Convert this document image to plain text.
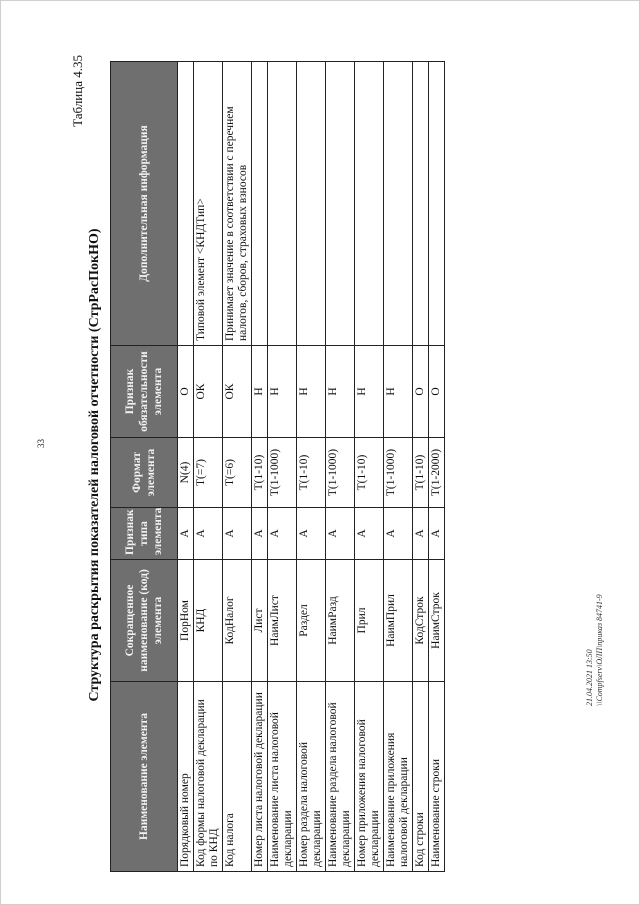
33
21.04.2021 13:50 \\Compfserv\ОЛП\приказ 84741-9
Таблица 4.35
Структура раскрытия показателей налоговой отчетности (СтрРасПокНО)
Наименование элемента	Сокращенное наименование (код) элемента	Признак типа элемента	Формат элемента	Признак обязательности элемента	Дополнительная информация
Порядковый номер	ПорНом	А	N(4)	О	
Код формы налоговой декларации по КНД	КНД	А	T(=7)	ОК	Типовой элемент <КНДТип>
Код налога	КодНалог	А	T(=6)	ОК	Принимает значение в соответствии с перечнем налогов, сборов, страховых взносов
Номер листа налоговой декларации	Лист	А	T(1-10)	Н	
Наименование листа налоговой декларации	НаимЛист	А	T(1-1000)	Н	
Номер раздела налоговой декларации	Раздел	А	T(1-10)	Н	
Наименование раздела налоговой декларации	НаимРазд	А	T(1-1000)	Н	
Номер приложения налоговой декларации	Прил	А	T(1-10)	Н	
Наименование приложения налоговой декларации	НаимПрил	А	T(1-1000)	Н	
Код строки	КодСтрок	А	T(1-10)	О	
Наименование строки	НаимСтрок	А	T(1-2000)	О	
